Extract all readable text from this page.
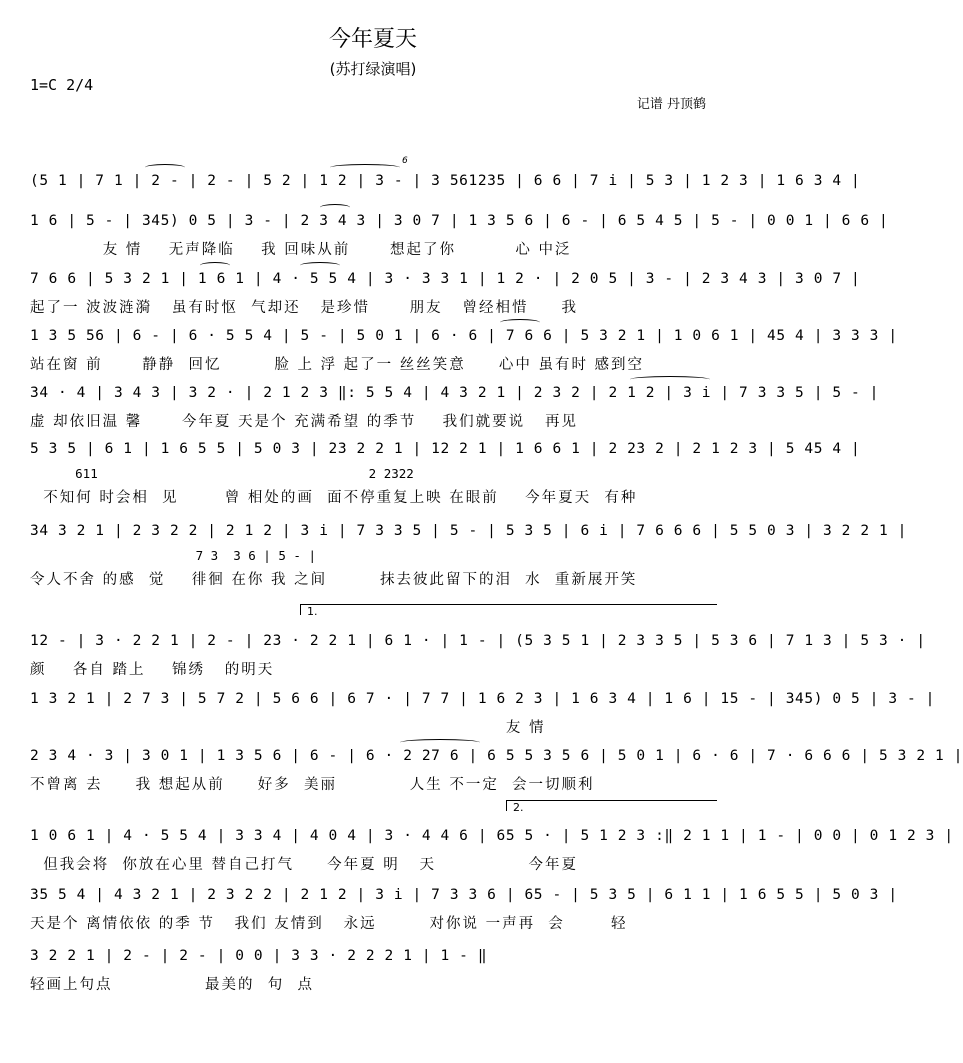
今年夏天
(苏打绿演唱)
1=C 2/4
记谱 丹顶鹤
(5 1 | 7 1 | 2 - | 2 - | 5 2 | 1 2 | 3 - | 3 561235 | 6 6 | 7 i | 5 3 | 1 2 3 | 1 6 3 4 |
6
1 6 | 5 - | 345) 0 5 | 3 - | 2 3 4 3 | 3 0 7 | 1 3 5 6 | 6 - | 6 5 4 5 | 5 - | 0 0 1 | 6 6 |
友 情    无声降临    我 回味从前      想起了你         心 中泛
7 6 6 | 5 3 2 1 | 1 6 1 | 4 · 5 5 4 | 3 · 3 3 1 | 1 2 · | 2 0 5 | 3 - | 2 3 4 3 | 3 0 7 |
起了一 波波涟漪   虽有时怄  气却还   是珍惜      朋友   曾经相惜     我
1 3 5 56 | 6 - | 6 · 5 5 4 | 5 - | 5 0 1 | 6 · 6 | 7 6 6 | 5 3 2 1 | 1 0 6 1 | 45 4 | 3 3 3 |
站在窗 前      静静  回忆        脸 上 浮 起了一 丝丝笑意     心中 虽有时 感到空
34 · 4 | 3 4 3 | 3 2 · | 2 1 2 3 ‖: 5 5 4 | 4 3 2 1 | 2 3 2 | 2 1 2 | 3 i | 7 3 3 5 | 5 - |
虚 却依旧温 馨      今年夏 天是个 充满希望 的季节    我们就要说   再见
5 3 5 | 6 1 | 1 6 5 5 | 5 0 3 | 23 2 2 1 | 12 2 1 | 1 6 6 1 | 2 23 2 | 2 1 2 3 | 5 45 4 |
611                                    2 2322
不知何 时会相  见       曾 相处的画  面不停重复上映 在眼前    今年夏天  有种
34 3 2 1 | 2 3 2 2 | 2 1 2 | 3 i | 7 3 3 5 | 5 - | 5 3 5 | 6 i | 7 6 6 6 | 5 5 0 3 | 3 2 2 1 |
7 3  3 6 | 5 - |
令人不舍 的感  觉    徘徊 在你 我 之间        抹去彼此留下的泪  水  重新展开笑
1.
12 - | 3 · 2 2 1 | 2 - | 23 · 2 2 1 | 6 1 · | 1 - | (5 3 5 1 | 2 3 3 5 | 5 3 6 | 7 1 3 | 5 3 · |
颜    各自 踏上    锦绣   的明天
1 3 2 1 | 2 7 3 | 5 7 2 | 5 6 6 | 6 7 · | 7 7 | 1 6 2 3 | 1 6 3 4 | 1 6 | 15 - | 345) 0 5 | 3 - |
友 情
2 3 4 · 3 | 3 0 1 | 1 3 5 6 | 6 - | 6 · 2 27 6 | 6 5 5 3 5 6 | 5 0 1 | 6 · 6 | 7 · 6 6 6 | 5 3 2 1 |
不曾离 去     我 想起从前     好多  美丽           人生 不一定  会一切顺利
2.
1 0 6 1 | 4 · 5 5 4 | 3 3 4 | 4 0 4 | 3 · 4 4 6 | 65 5 · | 5 1 2 3 :‖ 2 1 1 | 1 - | 0 0 | 0 1 2 3 |
但我会将  你放在心里 替自己打气     今年夏 明   天              今年夏
35 5 4 | 4 3 2 1 | 2 3 2 2 | 2 1 2 | 3 i | 7 3 3 6 | 65 - | 5 3 5 | 6 1 1 | 1 6 5 5 | 5 0 3 |
天是个 离情依依 的季 节   我们 友情到   永远        对你说 一声再  会       轻
3 2 2 1 | 2 - | 2 - | 0 0 | 3 3 · 2 2 2 1 | 1 - ‖
轻画上句点              最美的  句  点
